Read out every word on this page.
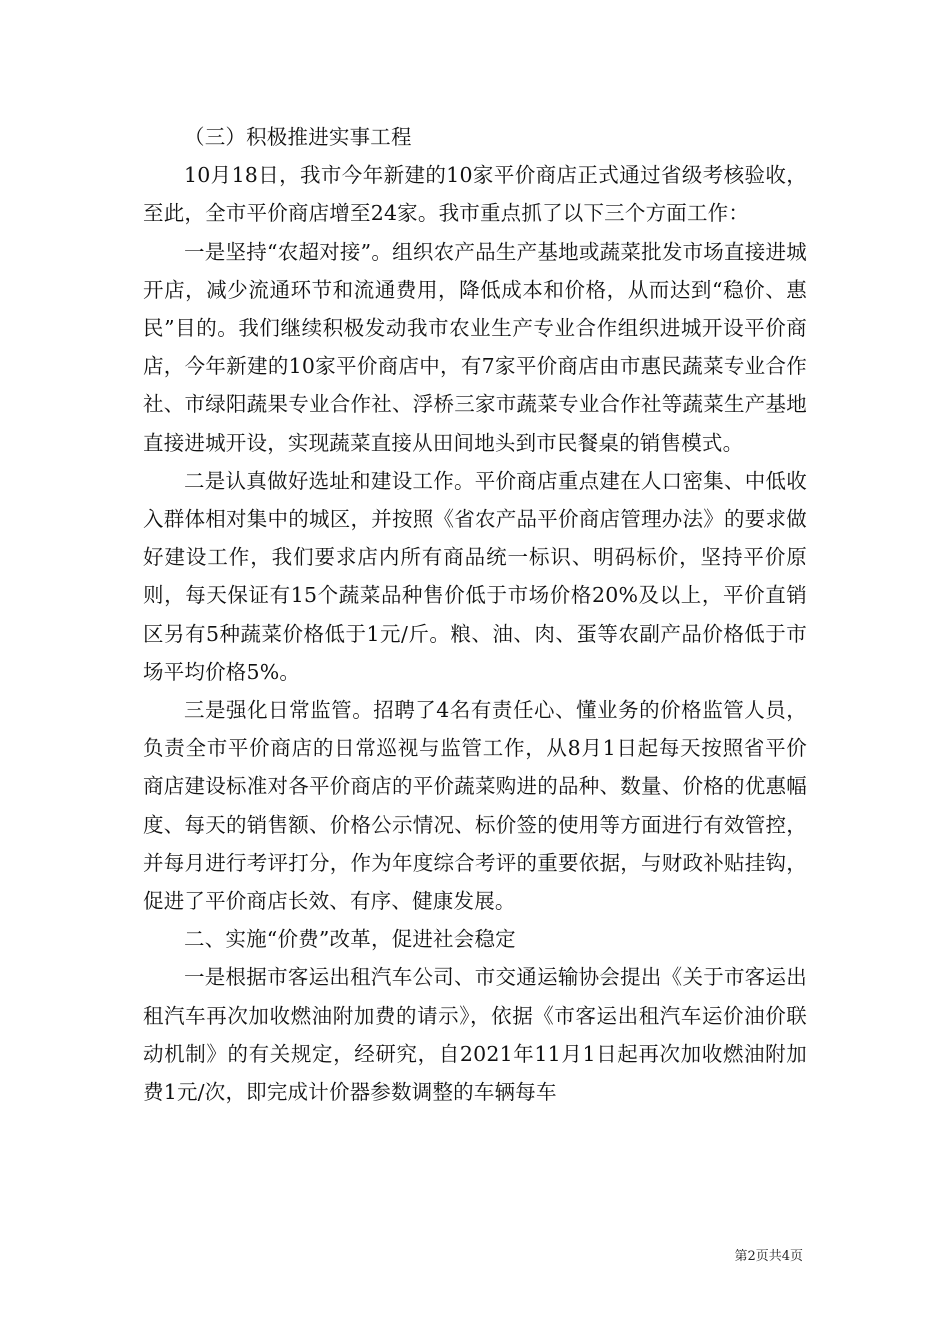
（三）积极推进实事工程

10月18日，我市今年新建的10家平价商店正式通过省级考核验收，至此，全市平价商店增至24家。我市重点抓了以下三个方面工作：

一是坚持“农超对接”。组织农产品生产基地或蔬菜批发市场直接进城开店，减少流通环节和流通费用，降低成本和价格，从而达到“稳价、惠民”目的。我们继续积极发动我市农业生产专业合作组织进城开设平价商店，今年新建的10家平价商店中，有7家平价商店由市惠民蔬菜专业合作社、市绿阳蔬果专业合作社、浮桥三家市蔬菜专业合作社等蔬菜生产基地直接进城开设，实现蔬菜直接从田间地头到市民餐桌的销售模式。

二是认真做好选址和建设工作。平价商店重点建在人口密集、中低收入群体相对集中的城区，并按照《省农产品平价商店管理办法》的要求做好建设工作，我们要求店内所有商品统一标识、明码标价，坚持平价原则，每天保证有15个蔬菜品种售价低于市场价格20%及以上，平价直销区另有5种蔬菜价格低于1元/斤。粮、油、肉、蛋等农副产品价格低于市场平均价格5%。

三是强化日常监管。招聘了4名有责任心、懂业务的价格监管人员，负责全市平价商店的日常巡视与监管工作，从8月1日起每天按照省平价商店建设标准对各平价商店的平价蔬菜购进的品种、数量、价格的优惠幅度、每天的销售额、价格公示情况、标价签的使用等方面进行有效管控，并每月进行考评打分，作为年度综合考评的重要依据，与财政补贴挂钩，促进了平价商店长效、有序、健康发展。

二、实施“价费”改革，促进社会稳定

一是根据市客运出租汽车公司、市交通运输协会提出《关于市客运出租汽车再次加收燃油附加费的请示》，依据《市客运出租汽车运价油价联动机制》的有关规定，经研究，自2021年11月1日起再次加收燃油附加费1元/次，即完成计价器参数调整的车辆每车

第2页共4页
